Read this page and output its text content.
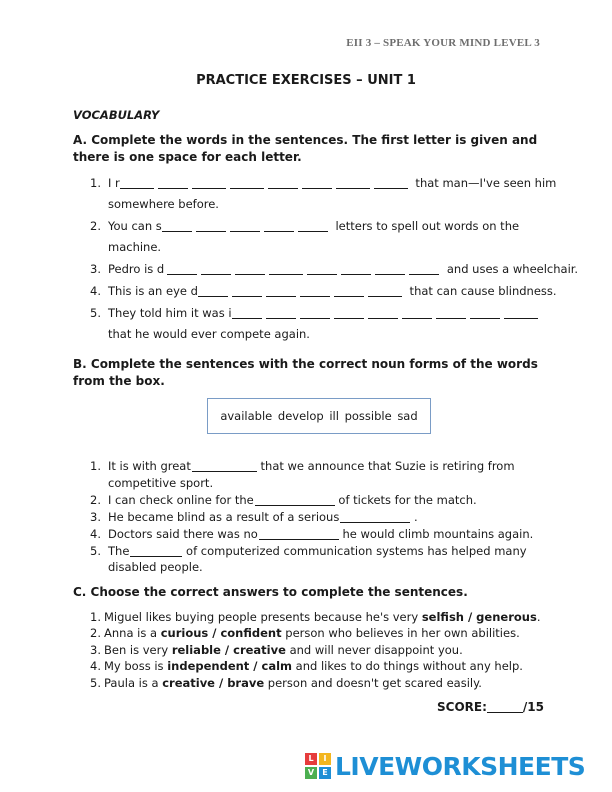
EII 3 – SPEAK YOUR MIND LEVEL 3
PRACTICE EXERCISES – UNIT 1
VOCABULARY
A. Complete the words in the sentences. The first letter is given and there is one space for each letter.
1. I r	that man—I've seen him
somewhere before.
2. You can s	letters to spell out words on the
machine.
3. Pedro is d	and uses a wheelchair.
4. This is an eye d	that can cause blindness.
5. They told him it was i
that he would ever compete again.
B. Complete the sentences with the correct noun forms of the words from the box.
available develop ill possible sad
1. It is with great	that we announce that Suzie is retiring from
competitive sport.
2. I can check online for the	of tickets for the match.
3. He became blind as a result of a serious	.
4. Doctors said there was no	he would climb mountains again.
5. The	of computerized communication systems has helped many
disabled people.
C. Choose the correct answers to complete the sentences.
1. Miguel likes buying people presents because he's very selfish / generous.
2. Anna is a curious / confident person who believes in her own abilities.
3. Ben is very reliable / creative and will never disappoint you.
4. My boss is independent / calm and likes to do things without any help.
5. Paula is a creative / brave person and doesn't get scared easily.
SCORE:	/15
L	I
V	E LIVEWORKSHEETS
